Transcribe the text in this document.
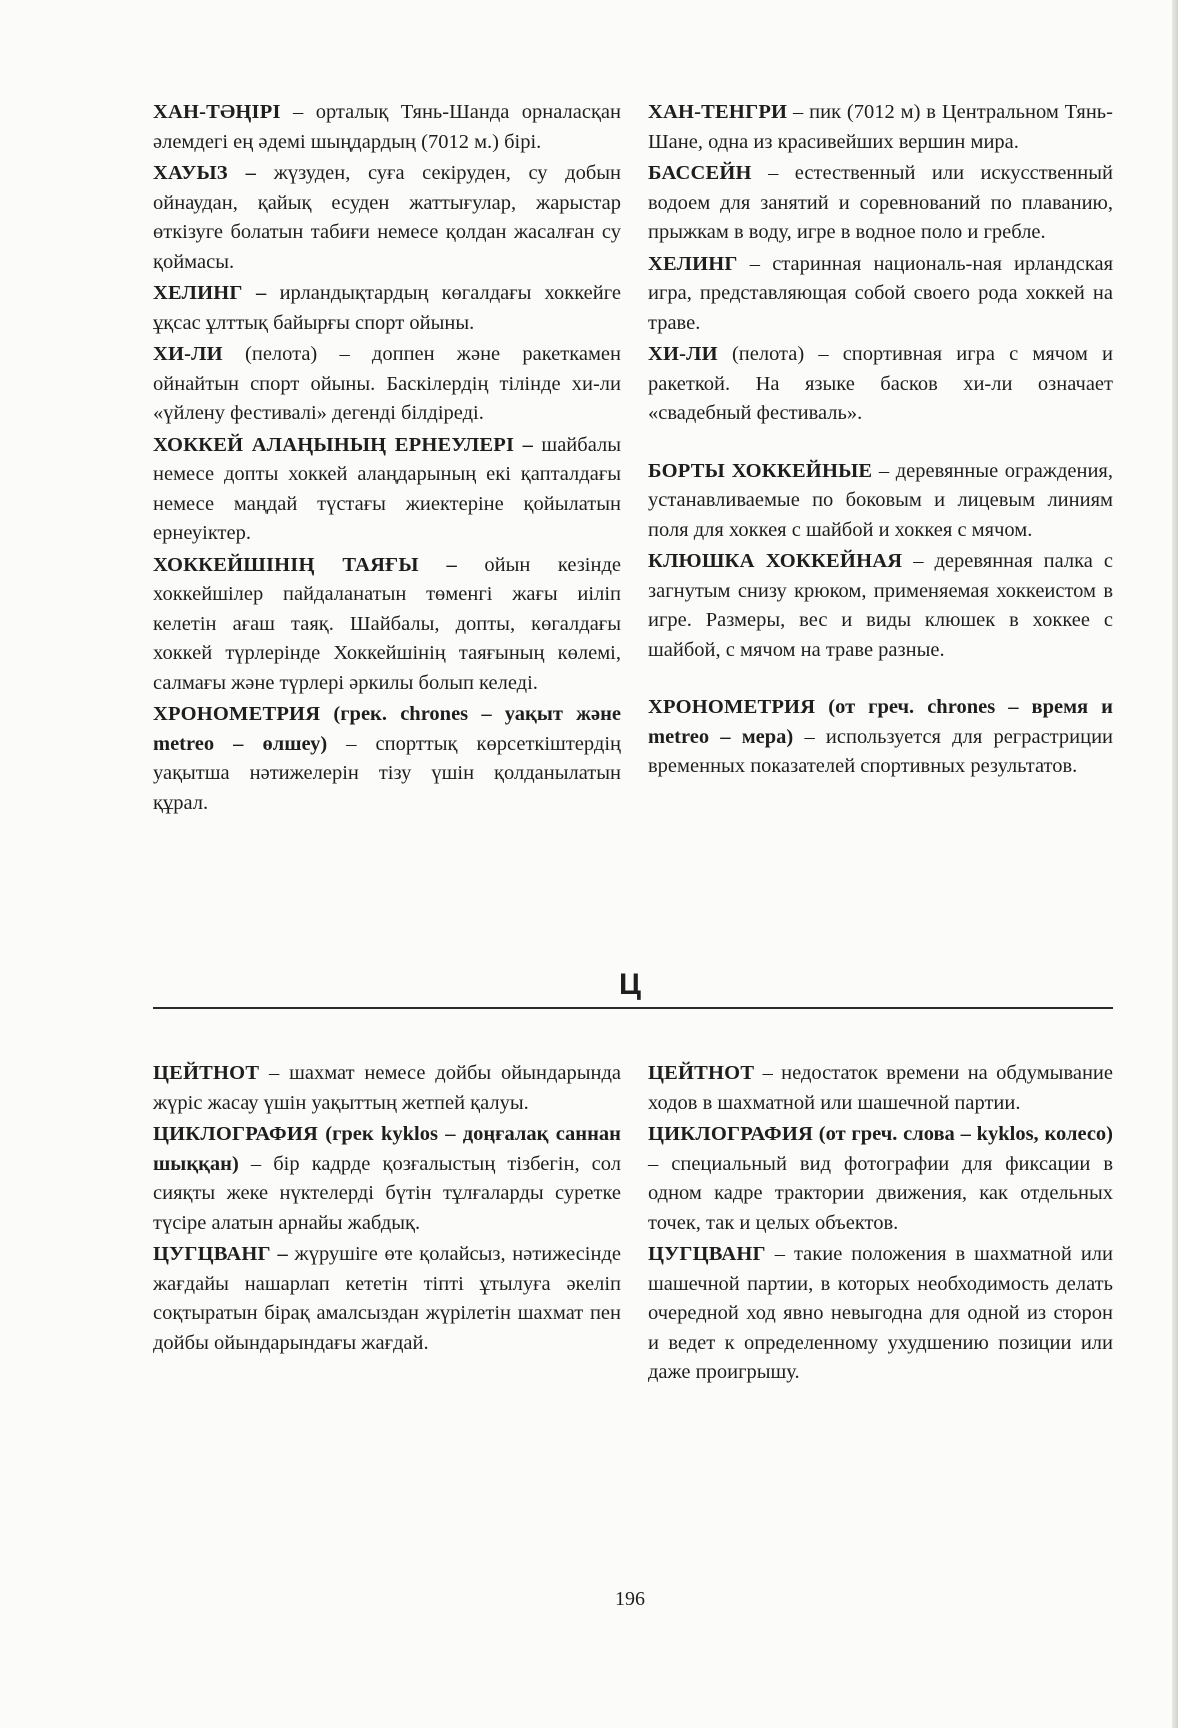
ХАН-ТӘҢІРІ – орталық Тянь-Шанда орналасқан әлемдегі ең әдемі шыңдардың (7012 м.) бірі.

ХАУЫЗ – жүзуден, суға секіруден, су добын ойнаудан, қайық есуден жаттығулар, жарыстар өткізуге болатын табиғи немесе қолдан жасалған су қоймасы.

ХЕЛИНГ – ирландықтардың көгалдағы хоккейге ұқсас ұлттық байырғы спорт ойыны.

ХИ-ЛИ (пелота) – доппен және ракеткамен ойнайтын спорт ойыны. Баскілердің тілінде хи-ли «үйлену фестивалі» дегенді білдіреді.

ХОККЕЙ АЛАҢЫНЫҢ ЕРНЕУЛЕРІ – шайбалы немесе допты хоккей алаңдарының екі қапталдағы немесе маңдай түстағы жиектеріне қойылатын ернеуіктер.

ХОККЕЙШІНІҢ ТАЯҒЫ – ойын кезінде хоккейшілер пайдаланатын төменгі жағы иіліп келетін ағаш таяқ. Шайбалы, допты, көгалдағы хоккей түрлерінде Хоккейшінің таяғының көлемі, салмағы және түрлері әркилы болып келеді.

ХРОНОМЕТРИЯ (грек. chrones – уақыт және metreo – өлшеу) – спорттық көрсеткіштердің уақытша нәтижелерін тізу үшін қолданылатын құрал.

ХАН-ТЕНГРИ – пик (7012 м) в Центральном Тянь-Шане, одна из красивейших вершин мира.

БАССЕЙН – естественный или искусственный водоем для занятий и соревнований по плаванию, прыжкам в воду, игре в водное поло и гребле.

ХЕЛИНГ – старинная националь-ная ирландская игра, представляющая собой своего рода хоккей на траве.

ХИ-ЛИ (пелота) – спортивная игра с мячом и ракеткой. На языке басков хи-ли означает «свадебный фестиваль».

БОРТЫ ХОККЕЙНЫЕ – деревянные ограждения, устанавливаемые по боковым и лицевым линиям поля для хоккея с шайбой и хоккея с мячом.

КЛЮШКА ХОККЕЙНАЯ – деревянная палка с загнутым снизу крюком, применяемая хоккеистом в игре. Размеры, вес и виды клюшек в хоккее с шайбой, с мячом на траве разные.

ХРОНОМЕТРИЯ (от греч. chrones – время и metreo – мера) – используется для реграстриции временных показателей спортивных результатов.

Ц

ЦЕЙТНОТ – шахмат немесе дойбы ойындарында жүріс жасау үшін уақыттың жетпей қалуы.

ЦИКЛОГРАФИЯ (грек kyklos – доңғалақ саннан шыққан) – бір кадрде қозғалыстың тізбегін, сол сияқты жеке нүктелерді бүтін тұлғаларды суретке түсіре алатын арнайы жабдық.

ЦУГЦВАНГ – жүрушіге өте қолайсыз, нәтижесінде жағдайы нашарлап кететін тіпті ұтылуға әкеліп соқтыратын бірақ амалсыздан жүрілетін шахмат пен дойбы ойындарындағы жағдай.

ЦЕЙТНОТ – недостаток времени на обдумывание ходов в шахматной или шашечной партии.

ЦИКЛОГРАФИЯ (от греч. слова – kyklos, колесо) – специальный вид фотографии для фиксации в одном кадре трактории движения, как отдельных точек, так и целых объектов.

ЦУГЦВАНГ – такие положения в шахматной или шашечной партии, в которых необходимость делать очередной ход явно невыгодна для одной из сторон и ведет к определенному ухудшению позиции или даже проигрышу.

196
